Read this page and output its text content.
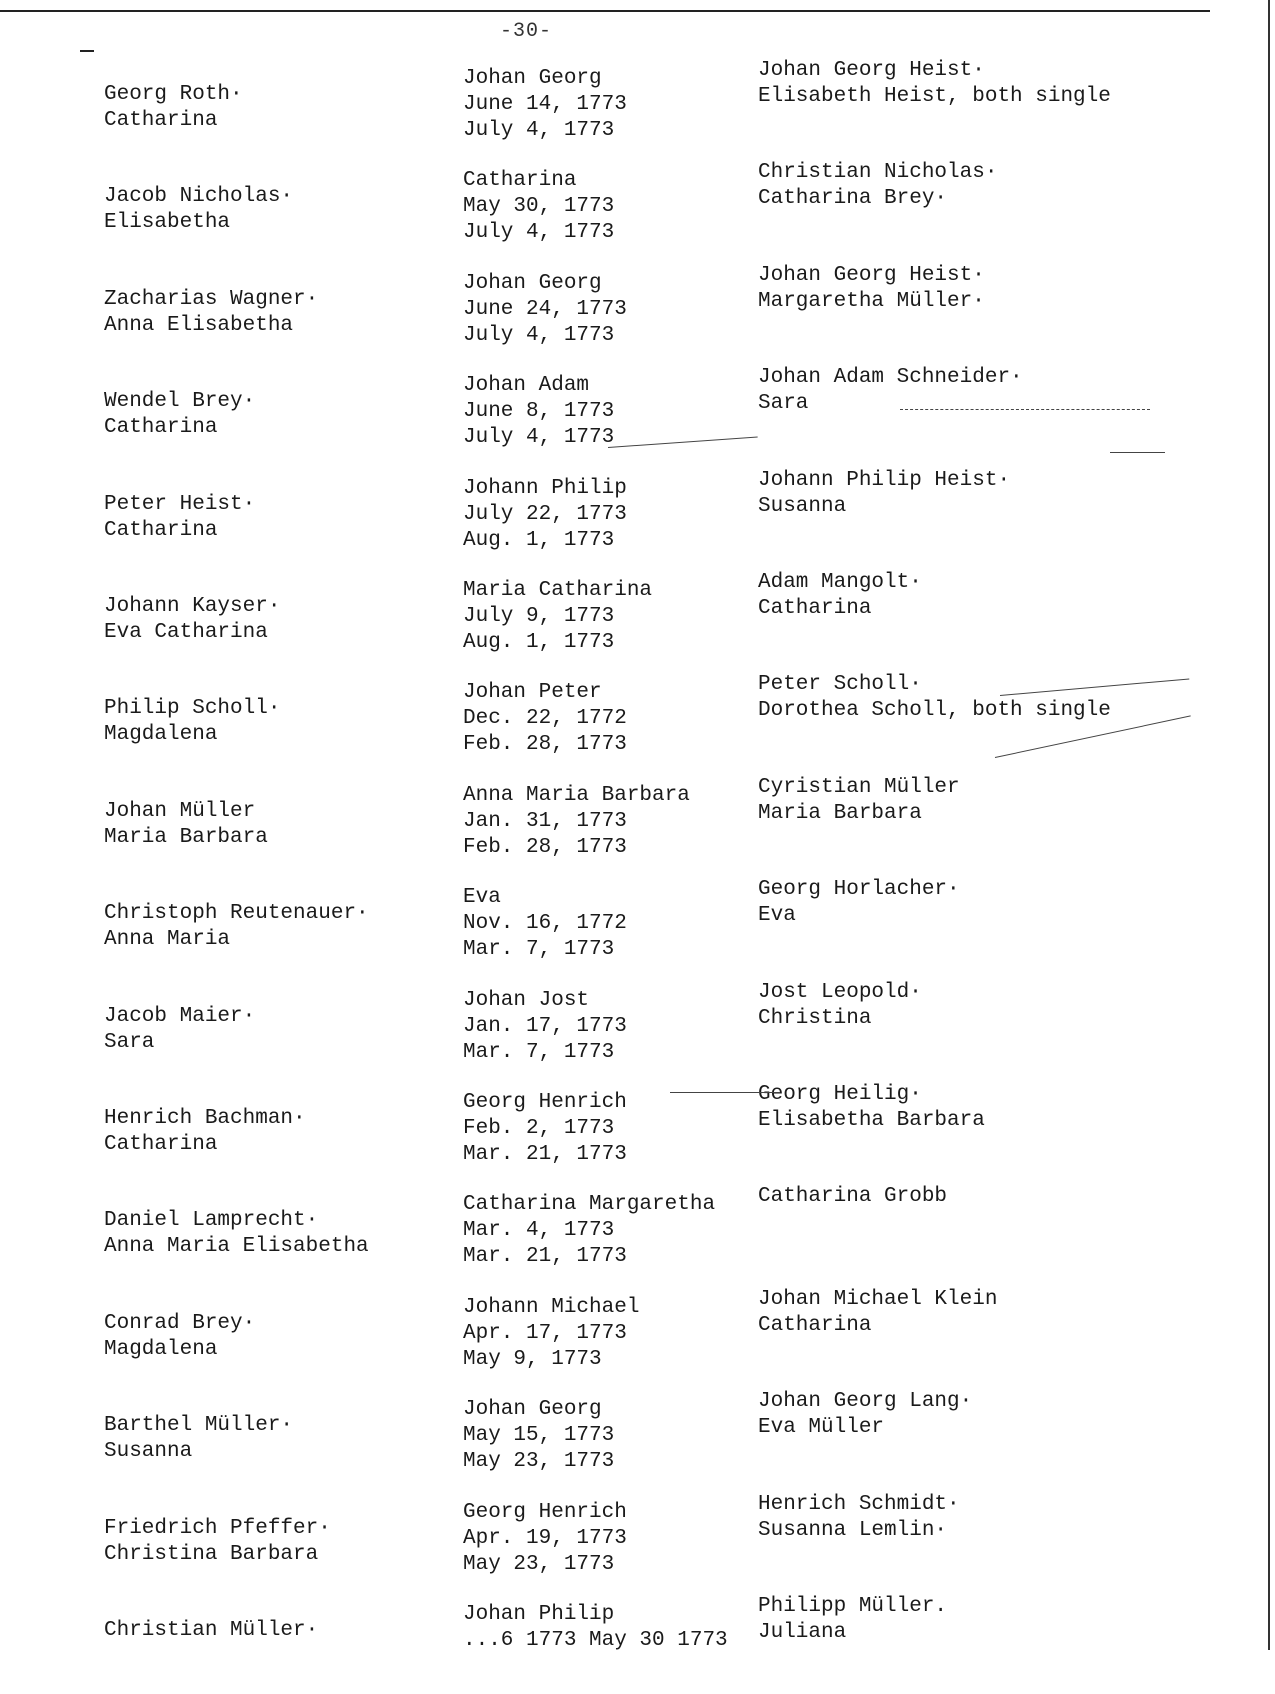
-30-
Georg Roth·
Catharina
Johan Georg
June 14, 1773
July 4, 1773
Johan Georg Heist·
Elisabeth Heist, both single
Jacob Nicholas·
Elisabetha
Catharina
May 30, 1773
July 4, 1773
Christian Nicholas·
Catharina Brey·
Zacharias Wagner·
Anna Elisabetha
Johan Georg
June 24, 1773
July 4, 1773
Johan Georg Heist·
Margaretha Müller·
Wendel Brey·
Catharina
Johan Adam
June 8, 1773
July 4, 1773
Johan Adam Schneider·
Sara
Peter Heist·
Catharina
Johann Philip
July 22, 1773
Aug. 1, 1773
Johann Philip Heist·
Susanna
Johann Kayser·
Eva Catharina
Maria Catharina
July 9, 1773
Aug. 1, 1773
Adam Mangolt·
Catharina
Philip Scholl·
Magdalena
Johan Peter
Dec. 22, 1772
Feb. 28, 1773
Peter Scholl·
Dorothea Scholl, both single
Johan Müller
Maria Barbara
Anna Maria Barbara
Jan. 31, 1773
Feb. 28, 1773
Cyristian Müller
Maria Barbara
Christoph Reutenauer·
Anna Maria
Eva
Nov. 16, 1772
Mar. 7, 1773
Georg Horlacher·
Eva
Jacob Maier·
Sara
Johan Jost
Jan. 17, 1773
Mar. 7, 1773
Jost Leopold·
Christina
Henrich Bachman·
Catharina
Georg Henrich
Feb. 2, 1773
Mar. 21, 1773
Georg Heilig·
Elisabetha Barbara
Daniel Lamprecht·
Anna Maria Elisabetha
Catharina Margaretha
Mar. 4, 1773
Mar. 21, 1773
Catharina Grobb
Conrad Brey·
Magdalena
Johann Michael
Apr. 17, 1773
May 9, 1773
Johan Michael Klein
Catharina
Barthel Müller·
Susanna
Johan Georg
May 15, 1773
May 23, 1773
Johan Georg Lang·
Eva Müller
Friedrich Pfeffer·
Christina Barbara
Georg Henrich
Apr. 19, 1773
May 23, 1773
Henrich Schmidt·
Susanna Lemlin·
Christian Müller·
Johan Philip
...6 1773 May 30 1773
Philipp Müller.
Juliana
